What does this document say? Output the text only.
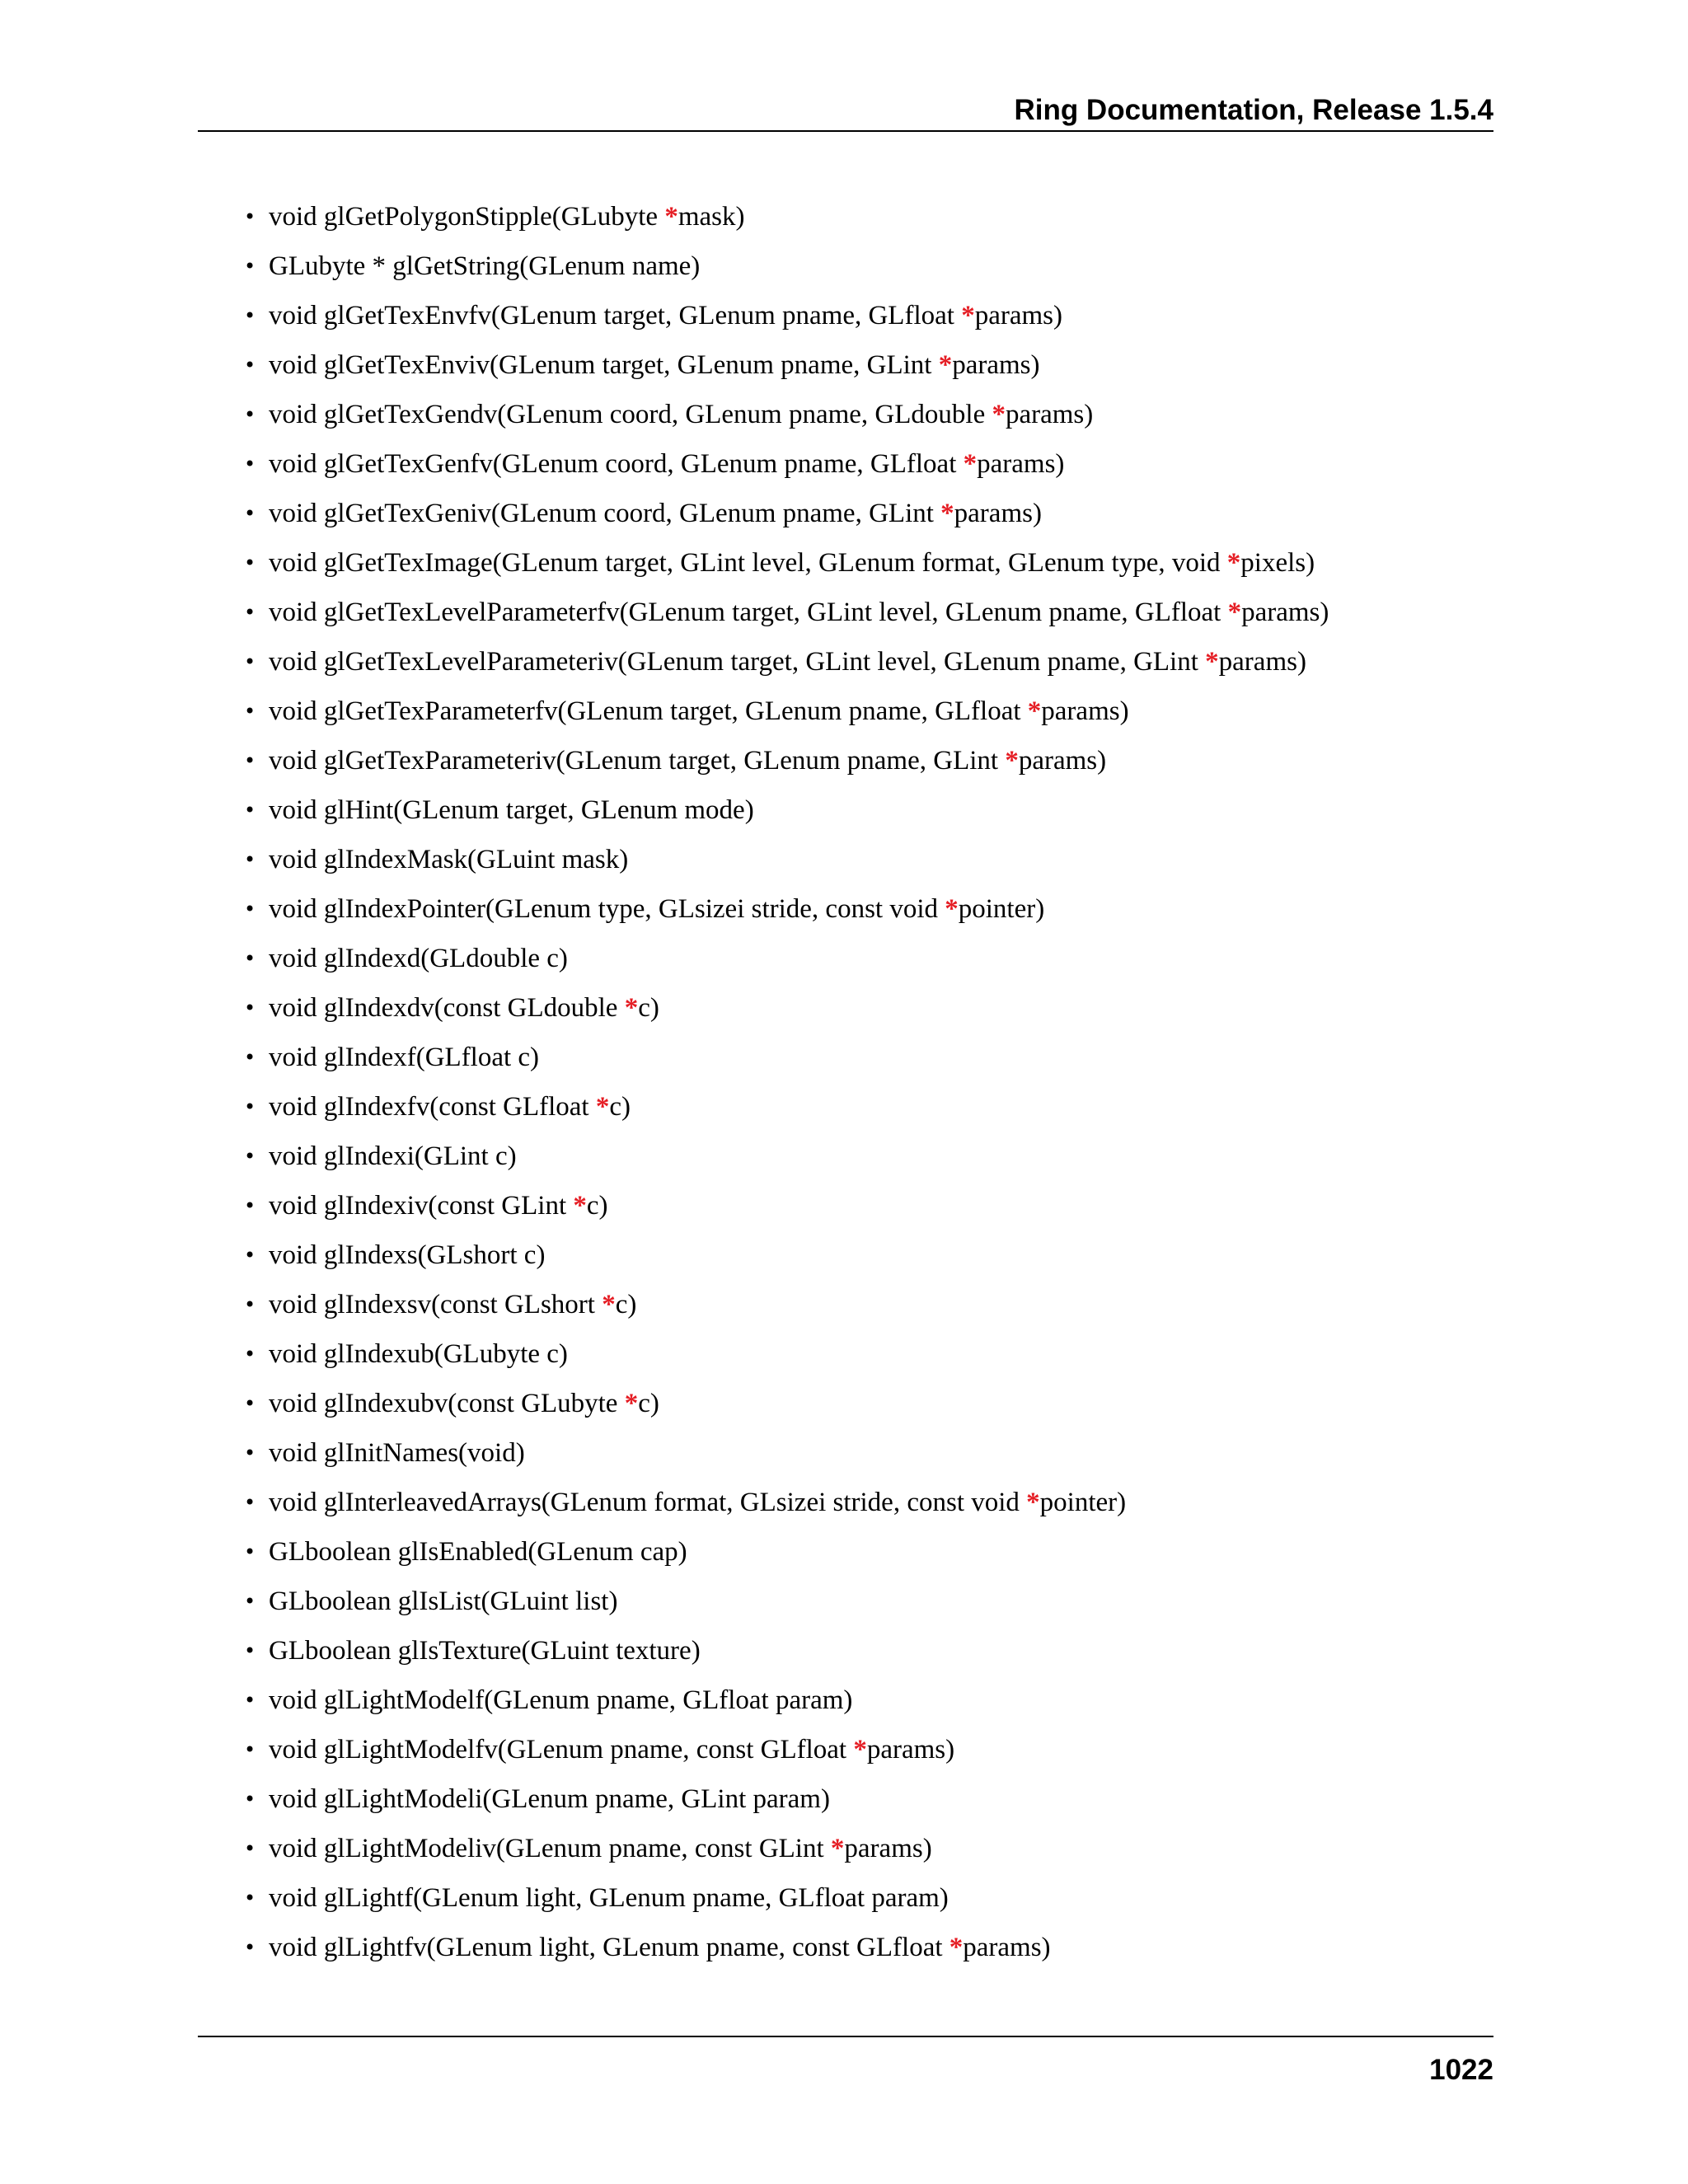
Ring Documentation, Release 1.5.4
• void glGetPolygonStipple(GLubyte *mask)
• GLubyte * glGetString(GLenum name)
• void glGetTexEnvfv(GLenum target, GLenum pname, GLfloat *params)
• void glGetTexEnviv(GLenum target, GLenum pname, GLint *params)
• void glGetTexGendv(GLenum coord, GLenum pname, GLdouble *params)
• void glGetTexGenfv(GLenum coord, GLenum pname, GLfloat *params)
• void glGetTexGeniv(GLenum coord, GLenum pname, GLint *params)
• void glGetTexImage(GLenum target, GLint level, GLenum format, GLenum type, void *pixels)
• void glGetTexLevelParameterfv(GLenum target, GLint level, GLenum pname, GLfloat *params)
• void glGetTexLevelParameteriv(GLenum target, GLint level, GLenum pname, GLint *params)
• void glGetTexParameterfv(GLenum target, GLenum pname, GLfloat *params)
• void glGetTexParameteriv(GLenum target, GLenum pname, GLint *params)
• void glHint(GLenum target, GLenum mode)
• void glIndexMask(GLuint mask)
• void glIndexPointer(GLenum type, GLsizei stride, const void *pointer)
• void glIndexd(GLdouble c)
• void glIndexdv(const GLdouble *c)
• void glIndexf(GLfloat c)
• void glIndexfv(const GLfloat *c)
• void glIndexi(GLint c)
• void glIndexiv(const GLint *c)
• void glIndexs(GLshort c)
• void glIndexsv(const GLshort *c)
• void glIndexub(GLubyte c)
• void glIndexubv(const GLubyte *c)
• void glInitNames(void)
• void glInterleavedArrays(GLenum format, GLsizei stride, const void *pointer)
• GLboolean glIsEnabled(GLenum cap)
• GLboolean glIsList(GLuint list)
• GLboolean glIsTexture(GLuint texture)
• void glLightModelf(GLenum pname, GLfloat param)
• void glLightModelfv(GLenum pname, const GLfloat *params)
• void glLightModeli(GLenum pname, GLint param)
• void glLightModeliv(GLenum pname, const GLint *params)
• void glLightf(GLenum light, GLenum pname, GLfloat param)
• void glLightfv(GLenum light, GLenum pname, const GLfloat *params)
1022
